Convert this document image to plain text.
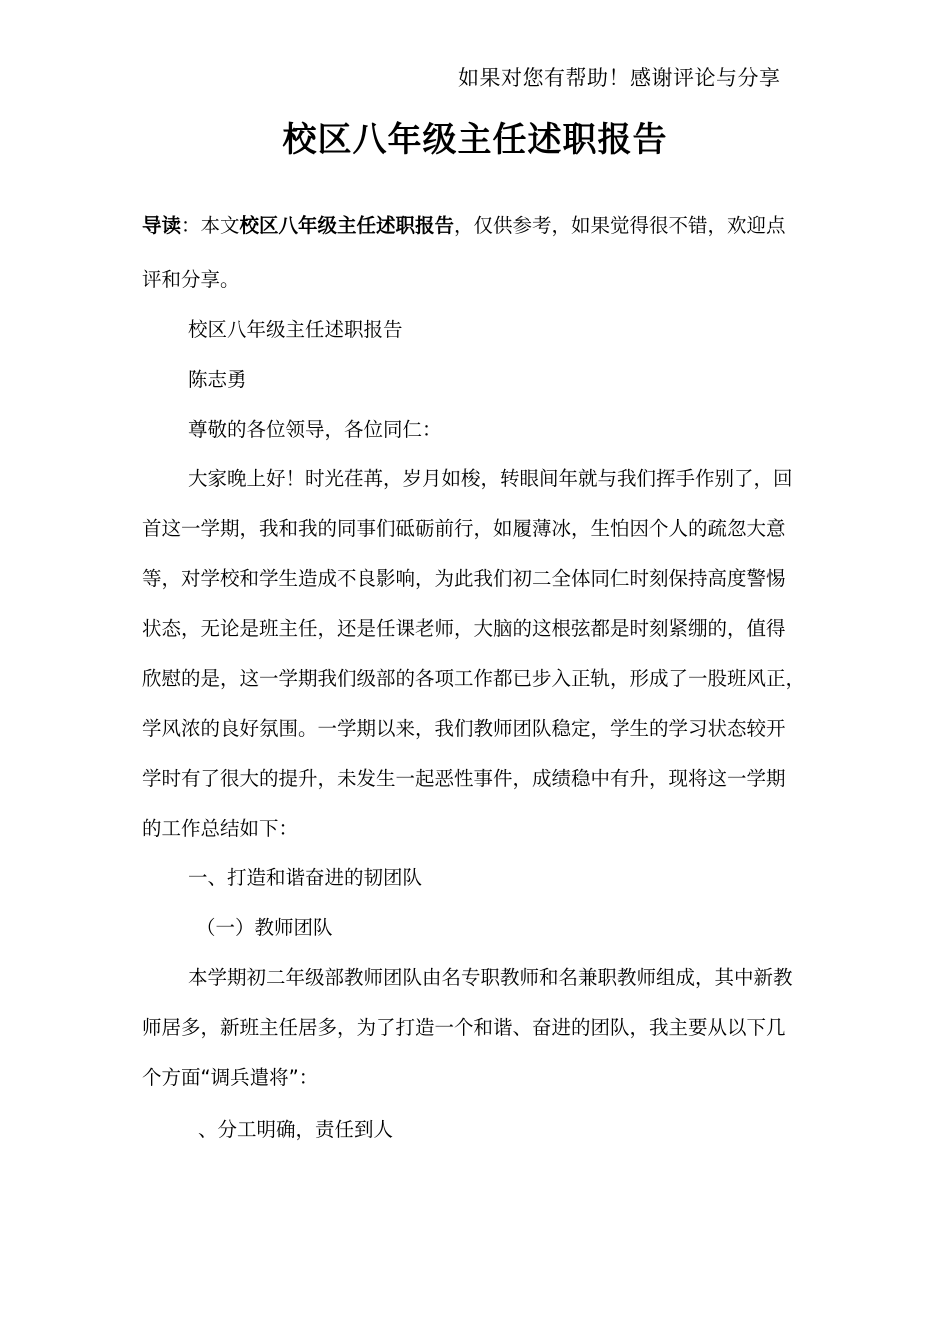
如果对您有帮助！感谢评论与分享
校区八年级主任述职报告
导读：本文校区八年级主任述职报告，仅供参考，如果觉得很不错，欢迎点
评和分享。
校区八年级主任述职报告
陈志勇
尊敬的各位领导，各位同仁：
大家晚上好！时光荏苒，岁月如梭，转眼间年就与我们挥手作别了，回
首这一学期，我和我的同事们砥砺前行，如履薄冰，生怕因个人的疏忽大意
等，对学校和学生造成不良影响，为此我们初二全体同仁时刻保持高度警惕
状态，无论是班主任，还是任课老师，大脑的这根弦都是时刻紧绷的，值得
欣慰的是，这一学期我们级部的各项工作都已步入正轨，形成了一股班风正，
学风浓的良好氛围。一学期以来，我们教师团队稳定，学生的学习状态较开
学时有了很大的提升，未发生一起恶性事件，成绩稳中有升，现将这一学期
的工作总结如下：
一、打造和谐奋进的韧团队
（一）教师团队
本学期初二年级部教师团队由名专职教师和名兼职教师组成，其中新教
师居多，新班主任居多，为了打造一个和谐、奋进的团队，我主要从以下几
个方面“调兵遣将”：
、分工明确，责任到人
